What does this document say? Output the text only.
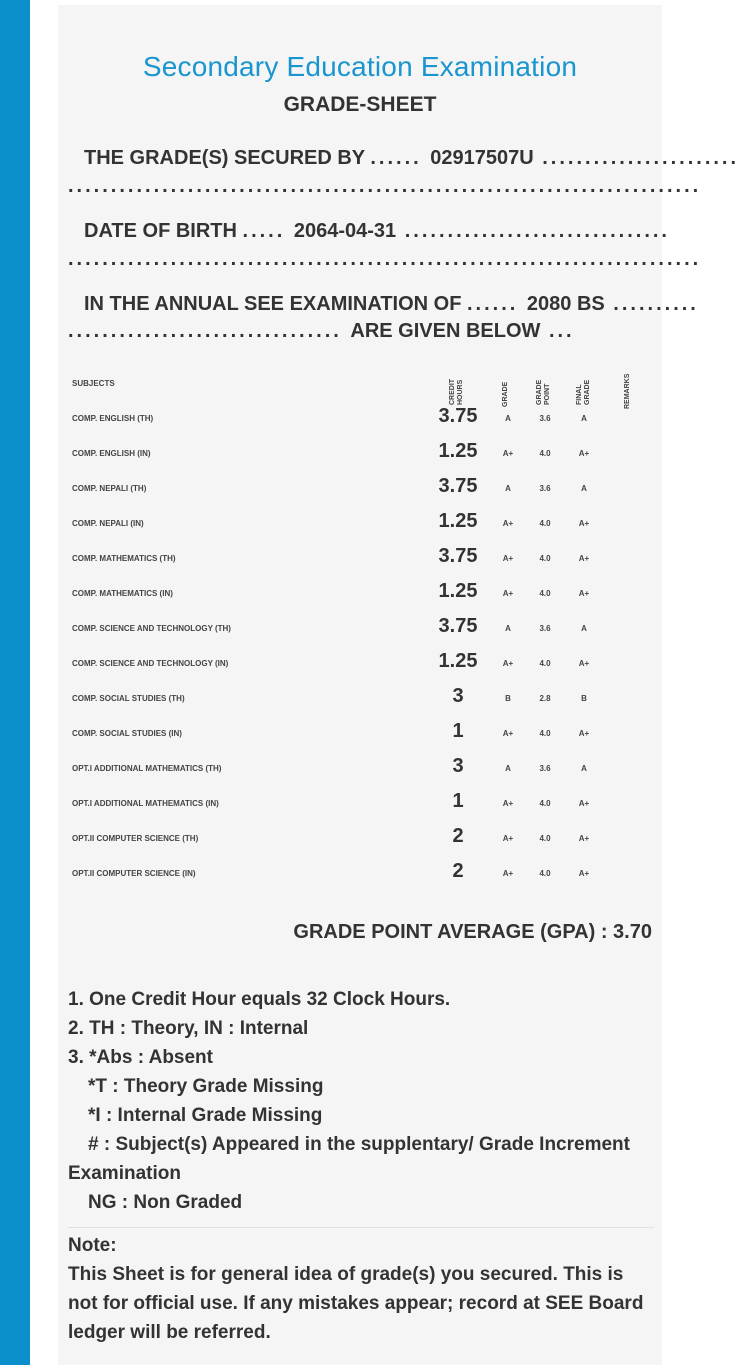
Secondary Education Examination
GRADE-SHEET
THE GRADE(S) SECURED BY ...... 02917507U .......................
..........................................................................
DATE OF BIRTH ..... 2064-04-31 ...............................
..........................................................................
IN THE ANNUAL SEE EXAMINATION OF ...... 2080 BS ..........
................................ ARE GIVEN BELOW ...
SUBJECTS	CREDIT HOURS	GRADE	GRADE POINT	FINAL GRADE	REMARKS
COMP. ENGLISH (TH)	3.75	A	3.6	A
COMP. ENGLISH (IN)	1.25	A+	4.0	A+
COMP. NEPALI (TH)	3.75	A	3.6	A
COMP. NEPALI (IN)	1.25	A+	4.0	A+
COMP. MATHEMATICS (TH)	3.75	A+	4.0	A+
COMP. MATHEMATICS (IN)	1.25	A+	4.0	A+
COMP. SCIENCE AND TECHNOLOGY (TH)	3.75	A	3.6	A
COMP. SCIENCE AND TECHNOLOGY (IN)	1.25	A+	4.0	A+
COMP. SOCIAL STUDIES (TH)	3	B	2.8	B
COMP. SOCIAL STUDIES (IN)	1	A+	4.0	A+
OPT.I ADDITIONAL MATHEMATICS (TH)	3	A	3.6	A
OPT.I ADDITIONAL MATHEMATICS (IN)	1	A+	4.0	A+
OPT.II COMPUTER SCIENCE (TH)	2	A+	4.0	A+
OPT.II COMPUTER SCIENCE (IN)	2	A+	4.0	A+
GRADE POINT AVERAGE (GPA) : 3.70
1. One Credit Hour equals 32 Clock Hours.
2. TH : Theory, IN : Internal
3. *Abs : Absent
*T : Theory Grade Missing
*I : Internal Grade Missing
# : Subject(s) Appeared in the supplentary/ Grade Increment
Examination
NG : Non Graded
Note:
This Sheet is for general idea of grade(s) you secured. This is not for official use. If any mistakes appear; record at SEE Board ledger will be referred.
